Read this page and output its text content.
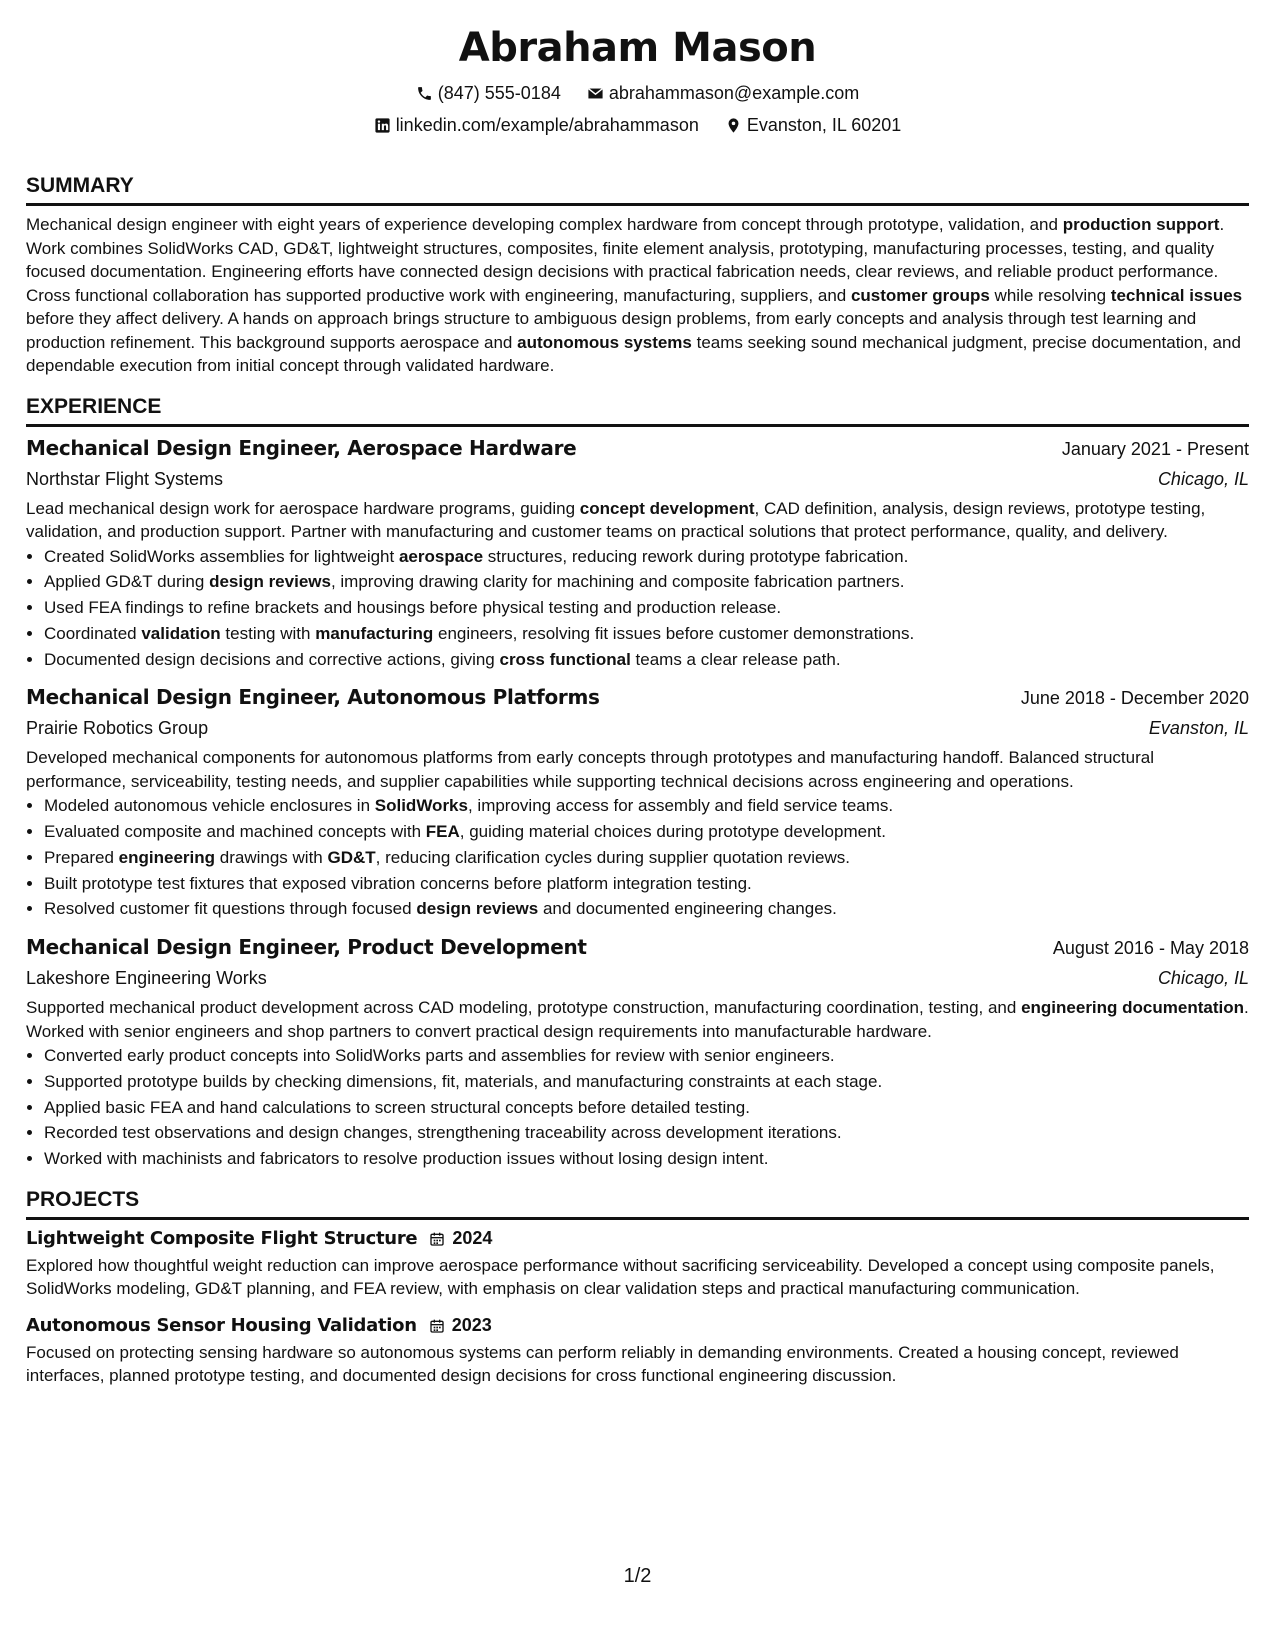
Abraham Mason
(847) 555-0184	abrahammason@example.com
linkedin.com/example/abrahammason	Evanston, IL 60201
SUMMARY

Mechanical design engineer with eight years of experience developing complex hardware from concept through prototype, validation, and production support. Work combines SolidWorks CAD, GD&T, lightweight structures, composites, finite element analysis, prototyping, manufacturing processes, testing, and quality focused documentation. Engineering efforts have connected design decisions with practical fabrication needs, clear reviews, and reliable product performance. Cross functional collaboration has supported productive work with engineering, manufacturing, suppliers, and customer groups while resolving technical issues before they affect delivery. A hands on approach brings structure to ambiguous design problems, from early concepts and analysis through test learning and production refinement. This background supports aerospace and autonomous systems teams seeking sound mechanical judgment, precise documentation, and dependable execution from initial concept through validated hardware.

EXPERIENCE
Mechanical Design Engineer, Aerospace Hardware	January 2021 - Present
Northstar Flight Systems	Chicago, IL

Lead mechanical design work for aerospace hardware programs, guiding concept development, CAD definition, analysis, design reviews, prototype testing, validation, and production support. Partner with manufacturing and customer teams on practical solutions that protect performance, quality, and delivery.

• Created SolidWorks assemblies for lightweight aerospace structures, reducing rework during prototype fabrication.
• Applied GD&T during design reviews, improving drawing clarity for machining and composite fabrication partners.
• Used FEA findings to refine brackets and housings before physical testing and production release.
• Coordinated validation testing with manufacturing engineers, resolving fit issues before customer demonstrations.
• Documented design decisions and corrective actions, giving cross functional teams a clear release path.
Mechanical Design Engineer, Autonomous Platforms	June 2018 - December 2020
Prairie Robotics Group	Evanston, IL

Developed mechanical components for autonomous platforms from early concepts through prototypes and manufacturing handoff. Balanced structural performance, serviceability, testing needs, and supplier capabilities while supporting technical decisions across engineering and operations.

• Modeled autonomous vehicle enclosures in SolidWorks, improving access for assembly and field service teams.
• Evaluated composite and machined concepts with FEA, guiding material choices during prototype development.
• Prepared engineering drawings with GD&T, reducing clarification cycles during supplier quotation reviews.
• Built prototype test fixtures that exposed vibration concerns before platform integration testing.
• Resolved customer fit questions through focused design reviews and documented engineering changes.
Mechanical Design Engineer, Product Development	August 2016 - May 2018
Lakeshore Engineering Works	Chicago, IL

Supported mechanical product development across CAD modeling, prototype construction, manufacturing coordination, testing, and engineering documentation. Worked with senior engineers and shop partners to convert practical design requirements into manufacturable hardware.

• Converted early product concepts into SolidWorks parts and assemblies for review with senior engineers.
• Supported prototype builds by checking dimensions, fit, materials, and manufacturing constraints at each stage.
• Applied basic FEA and hand calculations to screen structural concepts before detailed testing.
• Recorded test observations and design changes, strengthening traceability across development iterations.
• Worked with machinists and fabricators to resolve production issues without losing design intent.
PROJECTS
Lightweight Composite Flight Structure 2024

Explored how thoughtful weight reduction can improve aerospace performance without sacrificing serviceability. Developed a concept using composite panels, SolidWorks modeling, GD&T planning, and FEA review, with emphasis on clear validation steps and practical manufacturing communication.

Autonomous Sensor Housing Validation 2023

Focused on protecting sensing hardware so autonomous systems can perform reliably in demanding environments. Created a housing concept, reviewed interfaces, planned prototype testing, and documented design decisions for cross functional engineering discussion.

1/2
